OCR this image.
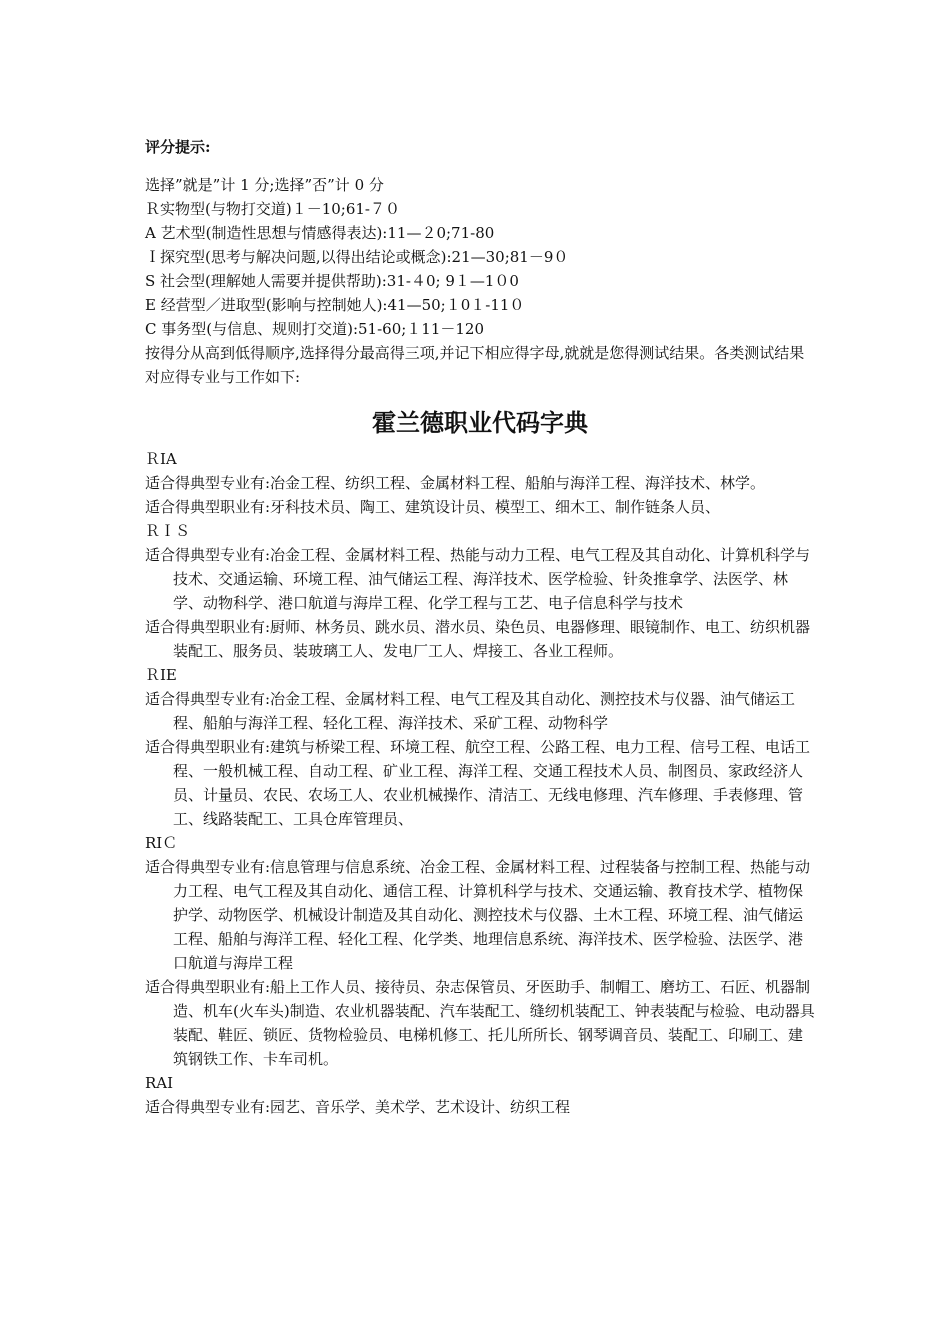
评分提示:
选择”就是”计 1 分;选择”否”计 0 分
Ｒ实物型(与物打交道)１－10;61-７０
A 艺术型(制造性思想与情感得表达):11—２0;71-80
Ｉ探究型(思考与解决问题,以得出结论或概念):21—30;81－9０
S 社会型(理解她人需要并提供帮助):31-４0; 9１—1０0
E 经营型／进取型(影响与控制她人):41—50;１0１-11０
C 事务型(与信息、规则打交道):51-60;１11－120
按得分从高到低得顺序,选择得分最高得三项,并记下相应得字母,就就是您得测试结果。各类测试结果对应得专业与工作如下:
霍兰德职业代码字典
ＲIA
适合得典型专业有:冶金工程、纺织工程、金属材料工程、船舶与海洋工程、海洋技术、林学。
适合得典型职业有:牙科技术员、陶工、建筑设计员、模型工、细木工、制作链条人员、
ＲＩＳ
适合得典型专业有:冶金工程、金属材料工程、热能与动力工程、电气工程及其自动化、计算机科学与技术、交通运输、环境工程、油气储运工程、海洋技术、医学检验、针灸推拿学、法医学、林学、动物科学、港口航道与海岸工程、化学工程与工艺、电子信息科学与技术
适合得典型职业有:厨师、林务员、跳水员、潜水员、染色员、电器修理、眼镜制作、电工、纺织机器装配工、服务员、装玻璃工人、发电厂工人、焊接工、各业工程师。
ＲIE
适合得典型专业有:冶金工程、金属材料工程、电气工程及其自动化、测控技术与仪器、油气储运工程、船舶与海洋工程、轻化工程、海洋技术、采矿工程、动物科学
适合得典型职业有:建筑与桥梁工程、环境工程、航空工程、公路工程、电力工程、信号工程、电话工程、一般机械工程、自动工程、矿业工程、海洋工程、交通工程技术人员、制图员、家政经济人员、计量员、农民、农场工人、农业机械操作、清洁工、无线电修理、汽车修理、手表修理、管工、线路装配工、工具仓库管理员、
RIＣ
适合得典型专业有:信息管理与信息系统、冶金工程、金属材料工程、过程装备与控制工程、热能与动力工程、电气工程及其自动化、通信工程、计算机科学与技术、交通运输、教育技术学、植物保护学、动物医学、机械设计制造及其自动化、测控技术与仪器、土木工程、环境工程、油气储运工程、船舶与海洋工程、轻化工程、化学类、地理信息系统、海洋技术、医学检验、法医学、港口航道与海岸工程
适合得典型职业有:船上工作人员、接待员、杂志保管员、牙医助手、制帽工、磨坊工、石匠、机器制造、机车(火车头)制造、农业机器装配、汽车装配工、缝纫机装配工、钟表装配与检验、电动器具装配、鞋匠、锁匠、货物检验员、电梯机修工、托儿所所长、钢琴调音员、装配工、印刷工、建筑钢铁工作、卡车司机。
RAI
适合得典型专业有:园艺、音乐学、美术学、艺术设计、纺织工程
